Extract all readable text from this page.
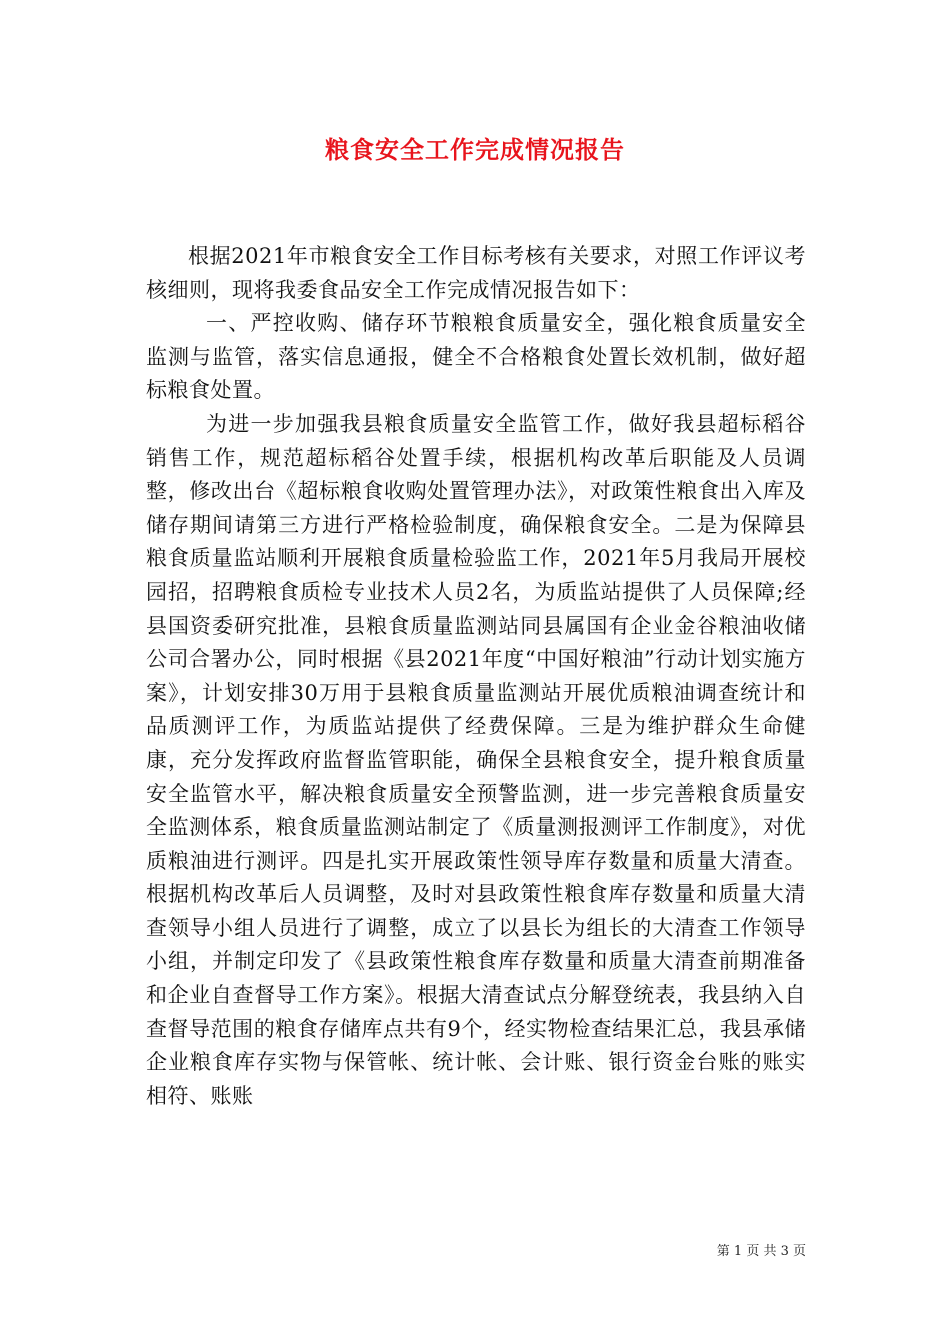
粮食安全工作完成情况报告

根据2021年市粮食安全工作目标考核有关要求，对照工作评议考核细则，现将我委食品安全工作完成情况报告如下：

一、严控收购、储存环节粮粮食质量安全，强化粮食质量安全监测与监管，落实信息通报，健全不合格粮食处置长效机制，做好超标粮食处置。

为进一步加强我县粮食质量安全监管工作，做好我县超标稻谷销售工作，规范超标稻谷处置手续，根据机构改革后职能及人员调整，修改出台《超标粮食收购处置管理办法》，对政策性粮食出入库及储存期间请第三方进行严格检验制度，确保粮食安全。二是为保障县粮食质量监站顺利开展粮食质量检验监工作，2021年5月我局开展校园招，招聘粮食质检专业技术人员2名，为质监站提供了人员保障;经县国资委研究批准，县粮食质量监测站同县属国有企业金谷粮油收储公司合署办公，同时根据《县2021年度“中国好粮油”行动计划实施方案》，计划安排30万用于县粮食质量监测站开展优质粮油调查统计和品质测评工作，为质监站提供了经费保障。三是为维护群众生命健康，充分发挥政府监督监管职能，确保全县粮食安全，提升粮食质量安全监管水平，解决粮食质量安全预警监测，进一步完善粮食质量安全监测体系，粮食质量监测站制定了《质量测报测评工作制度》，对优质粮油进行测评。四是扎实开展政策性领导库存数量和质量大清查。根据机构改革后人员调整，及时对县政策性粮食库存数量和质量大清查领导小组人员进行了调整，成立了以县长为组长的大清查工作领导小组，并制定印发了《县政策性粮食库存数量和质量大清查前期准备和企业自查督导工作方案》。根据大清查试点分解登统表，我县纳入自查督导范围的粮食存储库点共有9个，经实物检查结果汇总，我县承储企业粮食库存实物与保管帐、统计帐、会计账、银行资金台账的账实相符、账账

第 1 页 共 3 页
